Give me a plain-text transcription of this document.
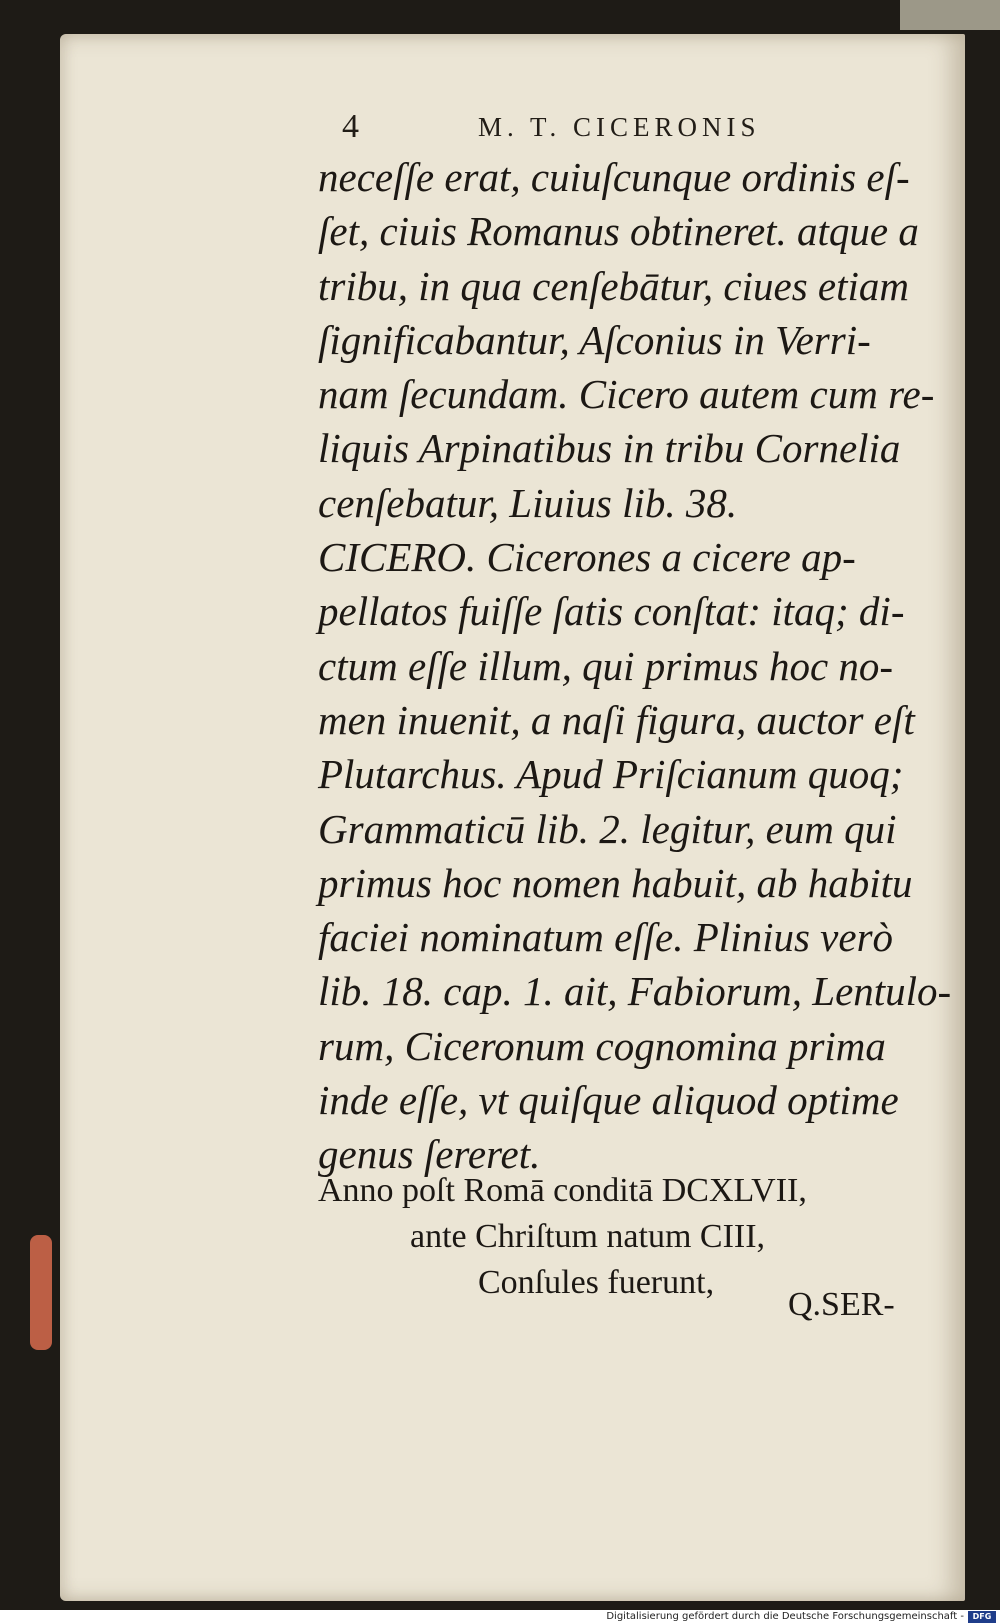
4	M. T. CICERONIS
neceſſe erat, cuiuſcunque ordinis eſ-
ſet, ciuis Romanus obtineret. atque a
tribu, in qua cenſebātur, ciues etiam
ſignificabantur, Aſconius in Verri-
nam ſecundam. Cicero autem cum re-
liquis Arpinatibus in tribu Cornelia
cenſebatur, Liuius lib. 38.
CICERO. Cicerones a cicere ap-
pellatos fuiſſe ſatis conſtat: itaq; di-
ctum eſſe illum, qui primus hoc no-
men inuenit, a naſi figura, auctor eſt
Plutarchus. Apud Priſcianum quoq;
Grammaticū lib. 2. legitur, eum qui
primus hoc nomen habuit, ab habitu
faciei nominatum eſſe. Plinius verò
lib. 18. cap. 1. ait, Fabiorum, Lentulo-
rum, Ciceronum cognomina prima
inde eſſe, vt quiſque aliquod optime
genus ſereret.
Anno poſt Romā conditā DCXLVII,
ante Chriſtum natum CIII,
Conſules fuerunt,
Q.SER-
Digitalisierung gefördert durch die Deutsche Forschungsgemeinschaft -	DFG
